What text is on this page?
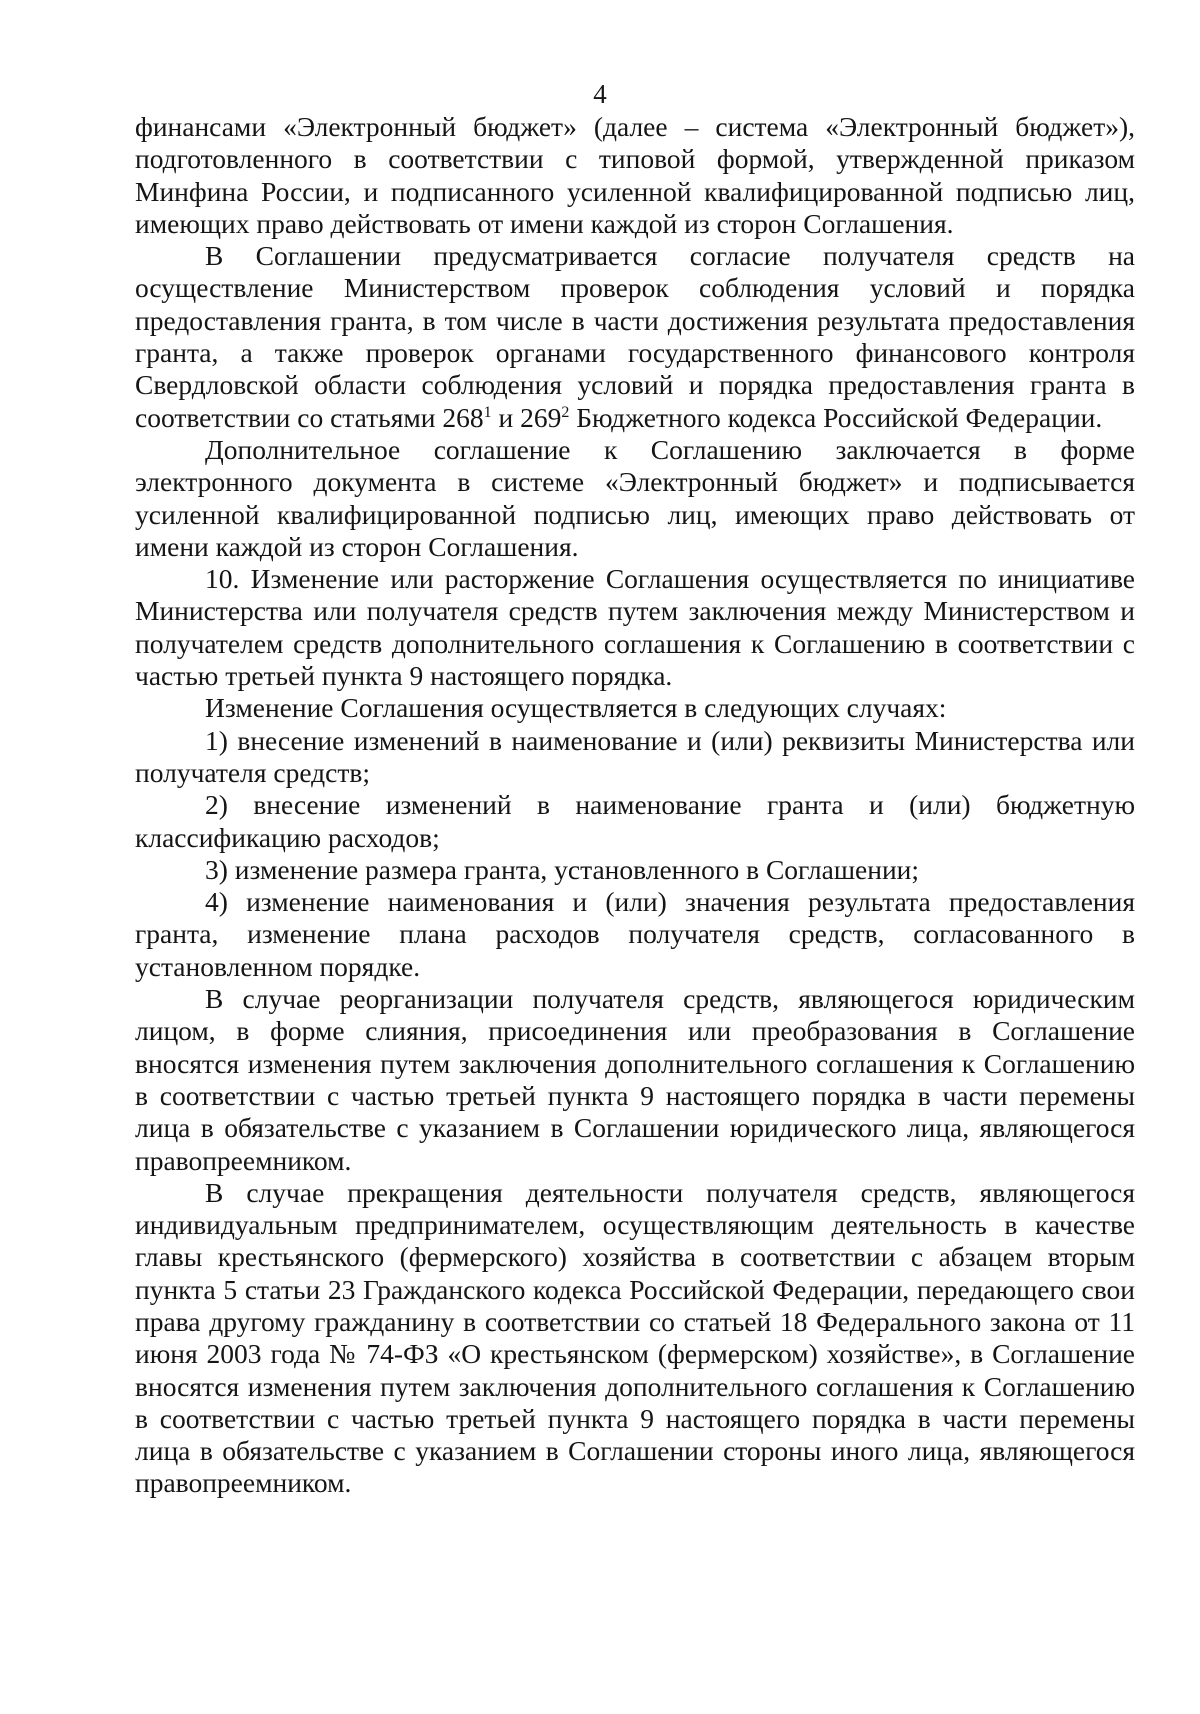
4

финансами «Электронный бюджет» (далее – система «Электронный бюджет»), подготовленного в соответствии с типовой формой, утвержденной приказом Минфина России, и подписанного усиленной квалифицированной подписью лиц, имеющих право действовать от имени каждой из сторон Соглашения.

В Соглашении предусматривается согласие получателя средств на осуществление Министерством проверок соблюдения условий и порядка предоставления гранта, в том числе в части достижения результата предоставления гранта, а также проверок органами государственного финансового контроля Свердловской области соблюдения условий и порядка предоставления гранта в соответствии со статьями $268^1$ и $269^2$ Бюджетного кодекса Российской Федерации.

Дополнительное соглашение к Соглашению заключается в форме электронного документа в системе «Электронный бюджет» и подписывается усиленной квалифицированной подписью лиц, имеющих право действовать от имени каждой из сторон Соглашения.

10. Изменение или расторжение Соглашения осуществляется по инициативе Министерства или получателя средств путем заключения между Министерством и получателем средств дополнительного соглашения к Соглашению в соответствии с частью третьей пункта 9 настоящего порядка.

Изменение Соглашения осуществляется в следующих случаях:

1) внесение изменений в наименование и (или) реквизиты Министерства или получателя средств;

2) внесение изменений в наименование гранта и (или) бюджетную классификацию расходов;

3) изменение размера гранта, установленного в Соглашении;

4) изменение наименования и (или) значения результата предоставления гранта, изменение плана расходов получателя средств, согласованного в установленном порядке.

В случае реорганизации получателя средств, являющегося юридическим лицом, в форме слияния, присоединения или преобразования в Соглашение вносятся изменения путем заключения дополнительного соглашения к Соглашению в соответствии с частью третьей пункта 9 настоящего порядка в части перемены лица в обязательстве с указанием в Соглашении юридического лица, являющегося правопреемником.

В случае прекращения деятельности получателя средств, являющегося индивидуальным предпринимателем, осуществляющим деятельность в качестве главы крестьянского (фермерского) хозяйства в соответствии с абзацем вторым пункта 5 статьи 23 Гражданского кодекса Российской Федерации, передающего свои права другому гражданину в соответствии со статьей 18 Федерального закона от 11 июня 2003 года № 74-ФЗ «О крестьянском (фермерском) хозяйстве», в Соглашение вносятся изменения путем заключения дополнительного соглашения к Соглашению в соответствии с частью третьей пункта 9 настоящего порядка в части перемены лица в обязательстве с указанием в Соглашении стороны иного лица, являющегося правопреемником.
